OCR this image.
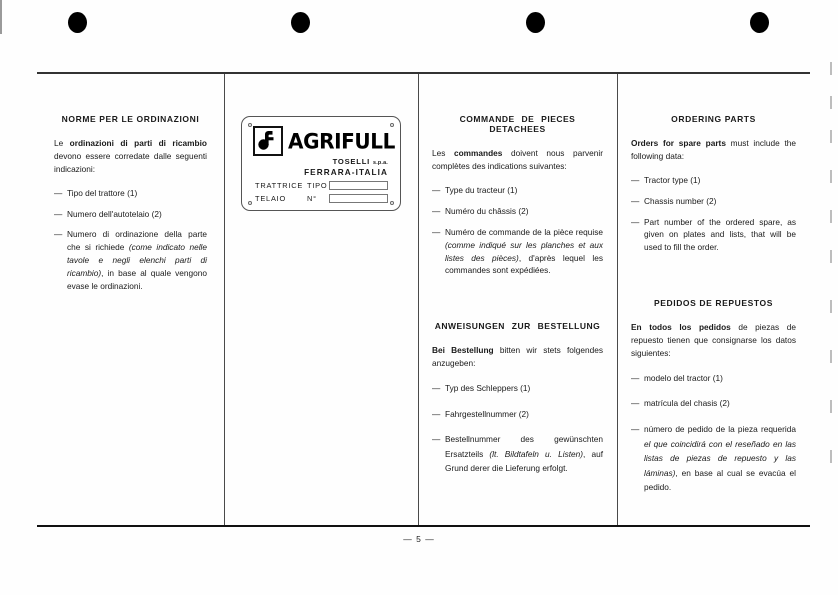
NORME PER LE ORDINAZIONI

Le ordinazioni di parti di ricambio devono essere corredate dalle seguenti indicazioni:

— Tipo del trattore (1)
— Numero dell'autotelaio (2)
— Numero di ordinazione della parte che si richiede (come indicato nelle tavole e negli elenchi parti di ricambio), in base al quale vengono evase le ordinazioni.
AGRIFULL
TOSELLI s.p.a.
FERRARA-ITALIA
TRATTRICE TIPO
TELAIO	N°
COMMANDE DE PIECES DETACHEES

Les commandes doivent nous parvenir complètes des indications suivantes:

— Type du tracteur (1)
— Numéro du châssis (2)
— Numéro de commande de la pièce requise (comme indiqué sur les planches et aux listes des pièces), d'après lequel les commandes sont expédiées.
ANWEISUNGEN ZUR BESTELLUNG

Bei Bestellung bitten wir stets folgendes anzugeben:

— Typ des Schleppers (1)
— Fahrgestellnummer (2)
— Bestellnummer des gewünschten Ersatzteils (lt. Bildtafeln u. Listen), auf Grund derer die Lieferung erfolgt.
ORDERING PARTS

Orders for spare parts must include the following data:

— Tractor type (1)
— Chassis number (2)
— Part number of the ordered spare, as given on plates and lists, that will be used to fill the order.
PEDIDOS DE REPUESTOS

En todos los pedidos de piezas de repuesto tienen que consignarse los datos siguientes:

— modelo del tractor (1)
— matrícula del chasis (2)
— número de pedido de la pieza requerida el que coincidirá con el reseñado en las listas de piezas de repuesto y las láminas), en base al cual se evacúa el pedido.
— 5 —
